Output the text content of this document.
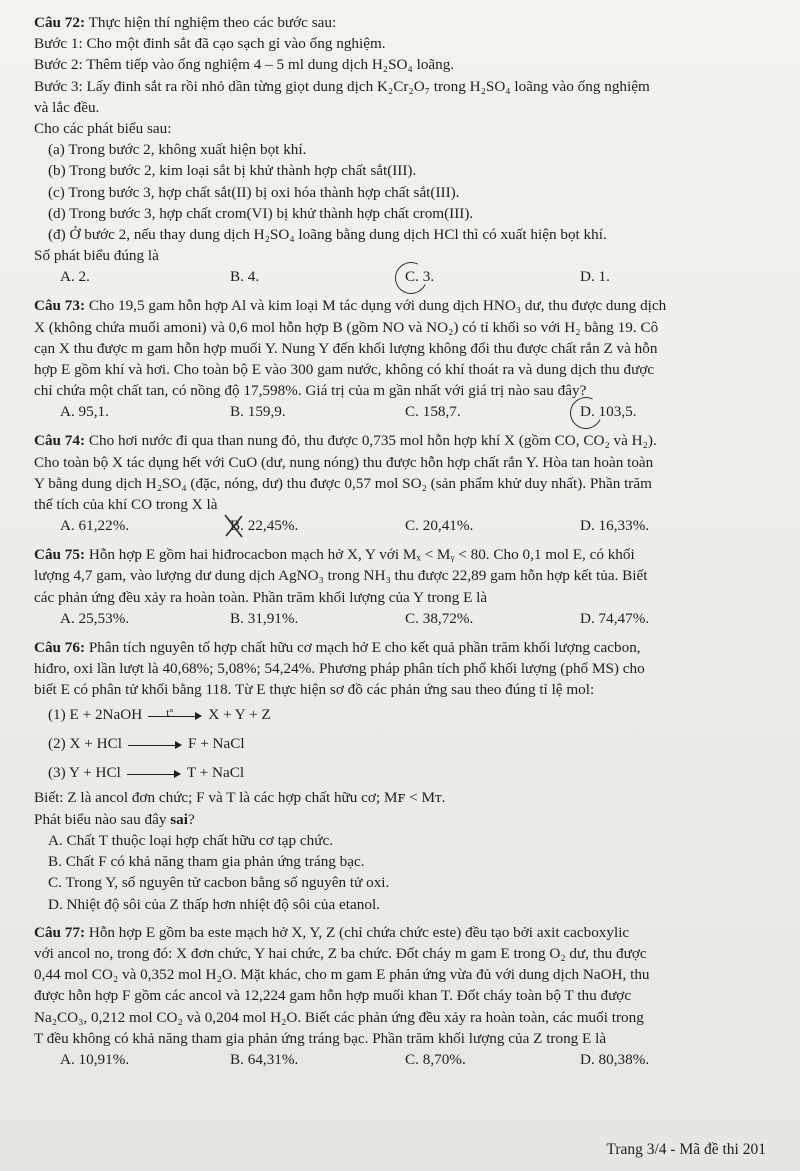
Câu 72: Thực hiện thí nghiệm theo các bước sau:
Bước 1: Cho một đinh sắt đã cạo sạch gỉ vào ống nghiệm.
Bước 2: Thêm tiếp vào ống nghiệm 4 – 5 ml dung dịch H₂SO₄ loãng.
Bước 3: Lấy đinh sắt ra rồi nhỏ dần từng giọt dung dịch K₂Cr₂O₇ trong H₂SO₄ loãng vào ống nghiệm
và lắc đều.
Cho các phát biểu sau:
(a) Trong bước 2, không xuất hiện bọt khí.
(b) Trong bước 2, kim loại sắt bị khử thành hợp chất sắt(III).
(c) Trong bước 3, hợp chất sắt(II) bị oxi hóa thành hợp chất sắt(III).
(d) Trong bước 3, hợp chất crom(VI) bị khử thành hợp chất crom(III).
(đ) Ở bước 2, nếu thay dung dịch H₂SO₄ loãng bằng dung dịch HCl thì có xuất hiện bọt khí.
Số phát biểu đúng là
A. 2.	B. 4.	C. 3.	D. 1.
Câu 73: Cho 19,5 gam hỗn hợp Al và kim loại M tác dụng với dung dịch HNO₃ dư, thu được dung dịch
X (không chứa muối amoni) và 0,6 mol hỗn hợp B (gồm NO và NO₂) có tỉ khối so với H₂ bằng 19. Cô
cạn X thu được m gam hỗn hợp muối Y. Nung Y đến khối lượng không đổi thu được chất rắn Z và hỗn
hợp E gồm khí và hơi. Cho toàn bộ E vào 300 gam nước, không có khí thoát ra và dung dịch thu được
chỉ chứa một chất tan, có nồng độ 17,598%. Giá trị của m gần nhất với giá trị nào sau đây?
A. 95,1.	B. 159,9.	C. 158,7.	D. 103,5.
Câu 74: Cho hơi nước đi qua than nung đỏ, thu được 0,735 mol hỗn hợp khí X (gồm CO, CO₂ và H₂).
Cho toàn bộ X tác dụng hết với CuO (dư, nung nóng) thu được hỗn hợp chất rắn Y. Hòa tan hoàn toàn
Y bằng dung dịch H₂SO₄ (đặc, nóng, dư) thu được 0,57 mol SO₂ (sản phẩm khử duy nhất). Phần trăm
thể tích của khí CO trong X là
A. 61,22%.	B. 22,45%.	C. 20,41%.	D. 16,33%.
Câu 75: Hỗn hợp E gồm hai hiđrocacbon mạch hở X, Y với Mₓ < Mᵧ < 80. Cho 0,1 mol E, có khối
lượng 4,7 gam, vào lượng dư dung dịch AgNO₃ trong NH₃ thu được 22,89 gam hỗn hợp kết tủa. Biết
các phản ứng đều xảy ra hoàn toàn. Phần trăm khối lượng của Y trong E là
A. 25,53%.	B. 31,91%.	C. 38,72%.	D. 74,47%.
Câu 76: Phân tích nguyên tố hợp chất hữu cơ mạch hở E cho kết quả phần trăm khối lượng cacbon,
hiđro, oxi lần lượt là 40,68%; 5,08%; 54,24%. Phương pháp phân tích phổ khối lượng (phổ MS) cho
biết E có phân tử khối bằng 118. Từ E thực hiện sơ đồ các phản ứng sau theo đúng tỉ lệ mol:
(1) E + 2NaOH t° X + Y + Z
(2) X + HCl	F + NaCl
(3) Y + HCl	T + NaCl
Biết: Z là ancol đơn chức; F và T là các hợp chất hữu cơ; Mꜰ < Mᴛ.
Phát biểu nào sau đây sai?
A. Chất T thuộc loại hợp chất hữu cơ tạp chức.
B. Chất F có khả năng tham gia phản ứng tráng bạc.
C. Trong Y, số nguyên tử cacbon bằng số nguyên tử oxi.
D. Nhiệt độ sôi của Z thấp hơn nhiệt độ sôi của etanol.
Câu 77: Hỗn hợp E gồm ba este mạch hở X, Y, Z (chỉ chứa chức este) đều tạo bởi axit cacboxylic
với ancol no, trong đó: X đơn chức, Y hai chức, Z ba chức. Đốt cháy m gam E trong O₂ dư, thu được
0,44 mol CO₂ và 0,352 mol H₂O. Mặt khác, cho m gam E phản ứng vừa đủ với dung dịch NaOH, thu
được hỗn hợp F gồm các ancol và 12,224 gam hỗn hợp muối khan T. Đốt cháy toàn bộ T thu được
Na₂CO₃, 0,212 mol CO₂ và 0,204 mol H₂O. Biết các phản ứng đều xảy ra hoàn toàn, các muối trong
T đều không có khả năng tham gia phản ứng tráng bạc. Phần trăm khối lượng của Z trong E là
A. 10,91%.	B. 64,31%.	C. 8,70%.	D. 80,38%.
Trang 3/4 - Mã đề thi 201
